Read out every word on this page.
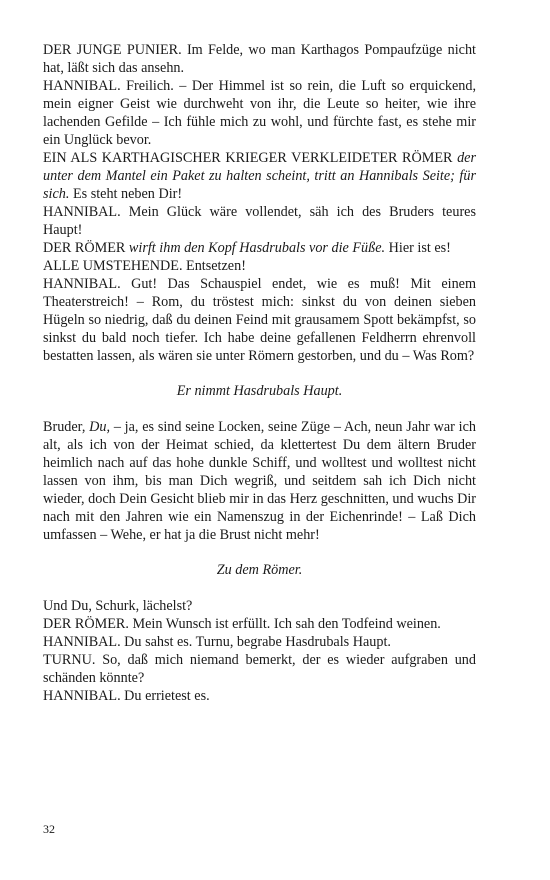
DER JUNGE PUNIER. Im Felde, wo man Karthagos Pompaufzüge nicht hat, läßt sich das ansehn.

HANNIBAL. Freilich. – Der Himmel ist so rein, die Luft so erquickend, mein eigner Geist wie durchweht von ihr, die Leute so heiter, wie ihre lachenden Gefilde – Ich fühle mich zu wohl, und fürchte fast, es stehe mir ein Unglück bevor.

EIN ALS KARTHAGISCHER KRIEGER VERKLEIDETER RÖMER der unter dem Mantel ein Paket zu halten scheint, tritt an Hannibals Seite; für sich. Es steht neben Dir!

HANNIBAL. Mein Glück wäre vollendet, säh ich des Bruders teures Haupt!

DER RÖMER wirft ihm den Kopf Hasdrubals vor die Füße. Hier ist es!

ALLE UMSTEHENDE. Entsetzen!

HANNIBAL. Gut! Das Schauspiel endet, wie es muß! Mit einem Theaterstreich! – Rom, du tröstest mich: sinkst du von deinen sieben Hügeln so niedrig, daß du deinen Feind mit grausamem Spott bekämpfst, so sinkst du bald noch tiefer. Ich habe deine gefallenen Feldherrn ehrenvoll bestatten lassen, als wären sie unter Römern gestorben, und du – Was Rom?

Er nimmt Hasdrubals Haupt.

Bruder, Du, – ja, es sind seine Locken, seine Züge – Ach, neun Jahr war ich alt, als ich von der Heimat schied, da klettertest Du dem ältern Bruder heimlich nach auf das hohe dunkle Schiff, und wolltest und wolltest nicht lassen von ihm, bis man Dich wegriß, und seitdem sah ich Dich nicht wieder, doch Dein Gesicht blieb mir in das Herz geschnitten, und wuchs Dir nach mit den Jahren wie ein Namenszug in der Eichenrinde! – Laß Dich umfassen – Wehe, er hat ja die Brust nicht mehr!

Zu dem Römer.

Und Du, Schurk, lächelst?

DER RÖMER. Mein Wunsch ist erfüllt. Ich sah den Todfeind weinen.

HANNIBAL. Du sahst es. Turnu, begrabe Hasdrubals Haupt.

TURNU. So, daß mich niemand bemerkt, der es wieder aufgraben und schänden könnte?

HANNIBAL. Du errietest es.

32
